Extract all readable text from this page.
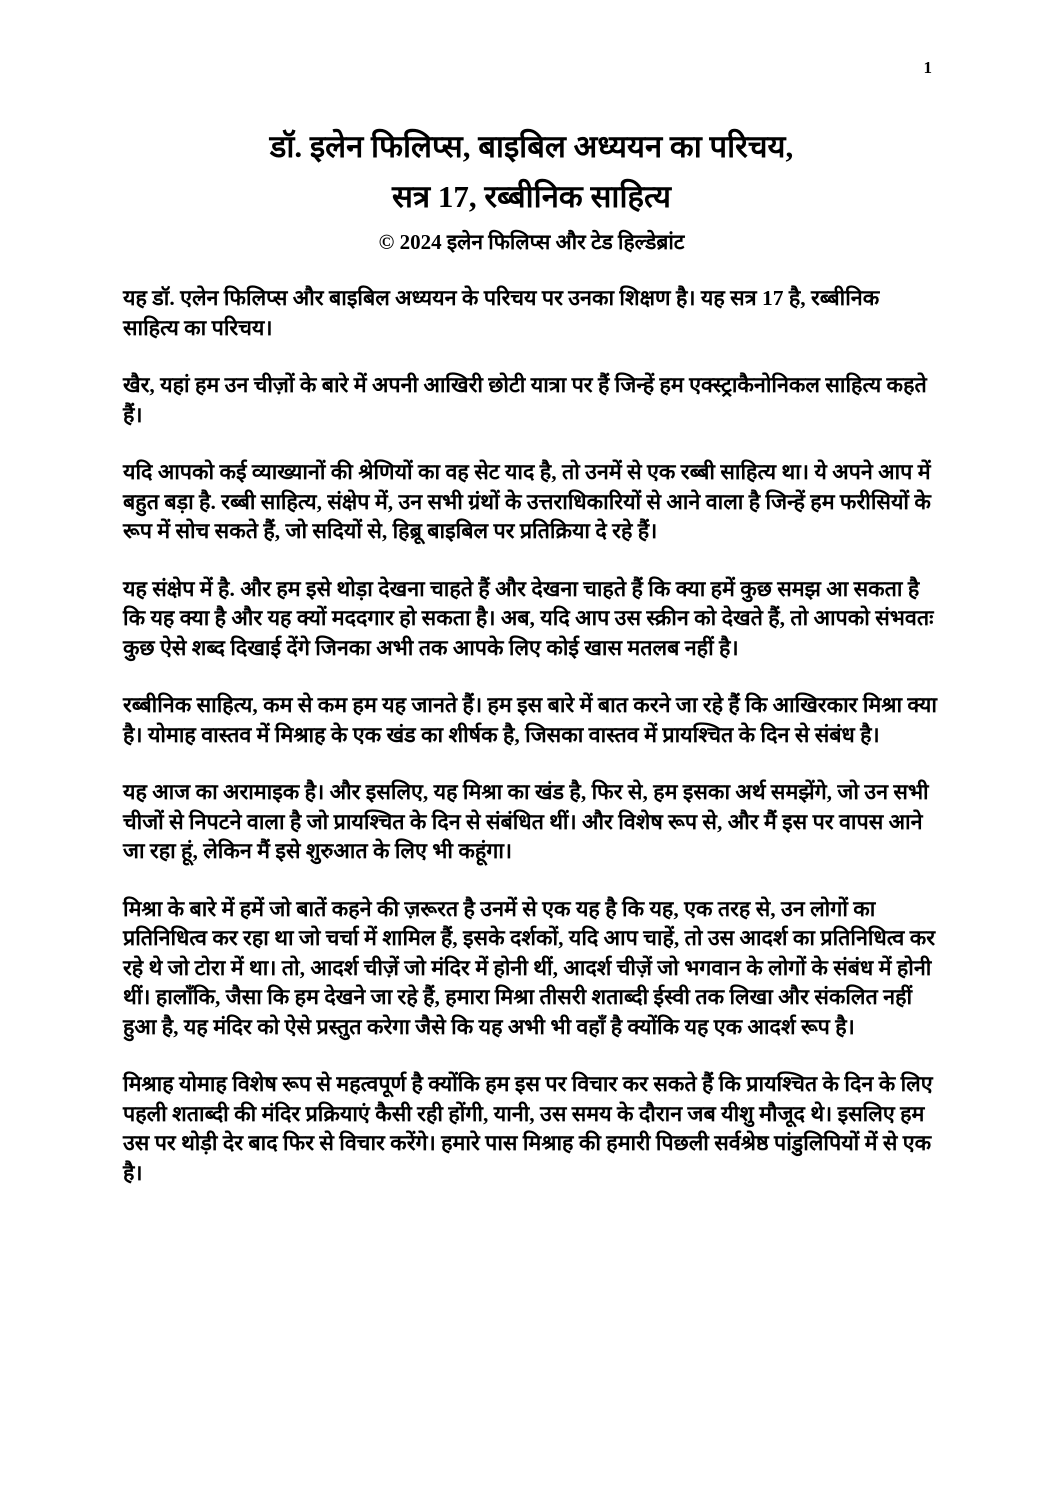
1
डॉ. इलेन फिलिप्स, बाइबिल अध्ययन का परिचय,
सत्र 17, रब्बीनिक साहित्य
© 2024 इलेन फिलिप्स और टेड हिल्डेब्रांट

यह डॉ. एलेन फिलिप्स और बाइबिल अध्ययन के परिचय पर उनका शिक्षण है। यह सत्र 17 है, रब्बीनिक साहित्य का परिचय।

खैर, यहां हम उन चीज़ों के बारे में अपनी आखिरी छोटी यात्रा पर हैं जिन्हें हम एक्स्ट्राकैनोनिकल साहित्य कहते हैं।

यदि आपको कई व्याख्यानों की श्रेणियों का वह सेट याद है, तो उनमें से एक रब्बी साहित्य था। ये अपने आप में बहुत बड़ा है. रब्बी साहित्य, संक्षेप में, उन सभी ग्रंथों के उत्तराधिकारियों से आने वाला है जिन्हें हम फरीसियों के रूप में सोच सकते हैं, जो सदियों से, हिब्रू बाइबिल पर प्रतिक्रिया दे रहे हैं।

यह संक्षेप में है. और हम इसे थोड़ा देखना चाहते हैं और देखना चाहते हैं कि क्या हमें कुछ समझ आ सकता है कि यह क्या है और यह क्यों मददगार हो सकता है। अब, यदि आप उस स्क्रीन को देखते हैं, तो आपको संभवतः कुछ ऐसे शब्द दिखाई देंगे जिनका अभी तक आपके लिए कोई खास मतलब नहीं है।

रब्बीनिक साहित्य, कम से कम हम यह जानते हैं। हम इस बारे में बात करने जा रहे हैं कि आखिरकार मिश्रा क्या है। योमाह वास्तव में मिश्राह के एक खंड का शीर्षक है, जिसका वास्तव में प्रायश्चित के दिन से संबंध है।

यह आज का अरामाइक है। और इसलिए, यह मिश्रा का खंड है, फिर से, हम इसका अर्थ समझेंगे, जो उन सभी चीजों से निपटने वाला है जो प्रायश्चित के दिन से संबंधित थीं। और विशेष रूप से, और मैं इस पर वापस आने जा रहा हूं, लेकिन मैं इसे शुरुआत के लिए भी कहूंगा।

मिश्रा के बारे में हमें जो बातें कहने की ज़रूरत है उनमें से एक यह है कि यह, एक तरह से, उन लोगों का प्रतिनिधित्व कर रहा था जो चर्चा में शामिल हैं, इसके दर्शकों, यदि आप चाहें, तो उस आदर्श का प्रतिनिधित्व कर रहे थे जो टोरा में था। तो, आदर्श चीज़ें जो मंदिर में होनी थीं, आदर्श चीज़ें जो भगवान के लोगों के संबंध में होनी थीं। हालाँकि, जैसा कि हम देखने जा रहे हैं, हमारा मिश्रा तीसरी शताब्दी ईस्वी तक लिखा और संकलित नहीं हुआ है, यह मंदिर को ऐसे प्रस्तुत करेगा जैसे कि यह अभी भी वहाँ है क्योंकि यह एक आदर्श रूप है।

मिश्राह योमाह विशेष रूप से महत्वपूर्ण है क्योंकि हम इस पर विचार कर सकते हैं कि प्रायश्चित के दिन के लिए पहली शताब्दी की मंदिर प्रक्रियाएं कैसी रही होंगी, यानी, उस समय के दौरान जब यीशु मौजूद थे। इसलिए हम उस पर थोड़ी देर बाद फिर से विचार करेंगे। हमारे पास मिश्राह की हमारी पिछली सर्वश्रेष्ठ पांडुलिपियों में से एक है।
